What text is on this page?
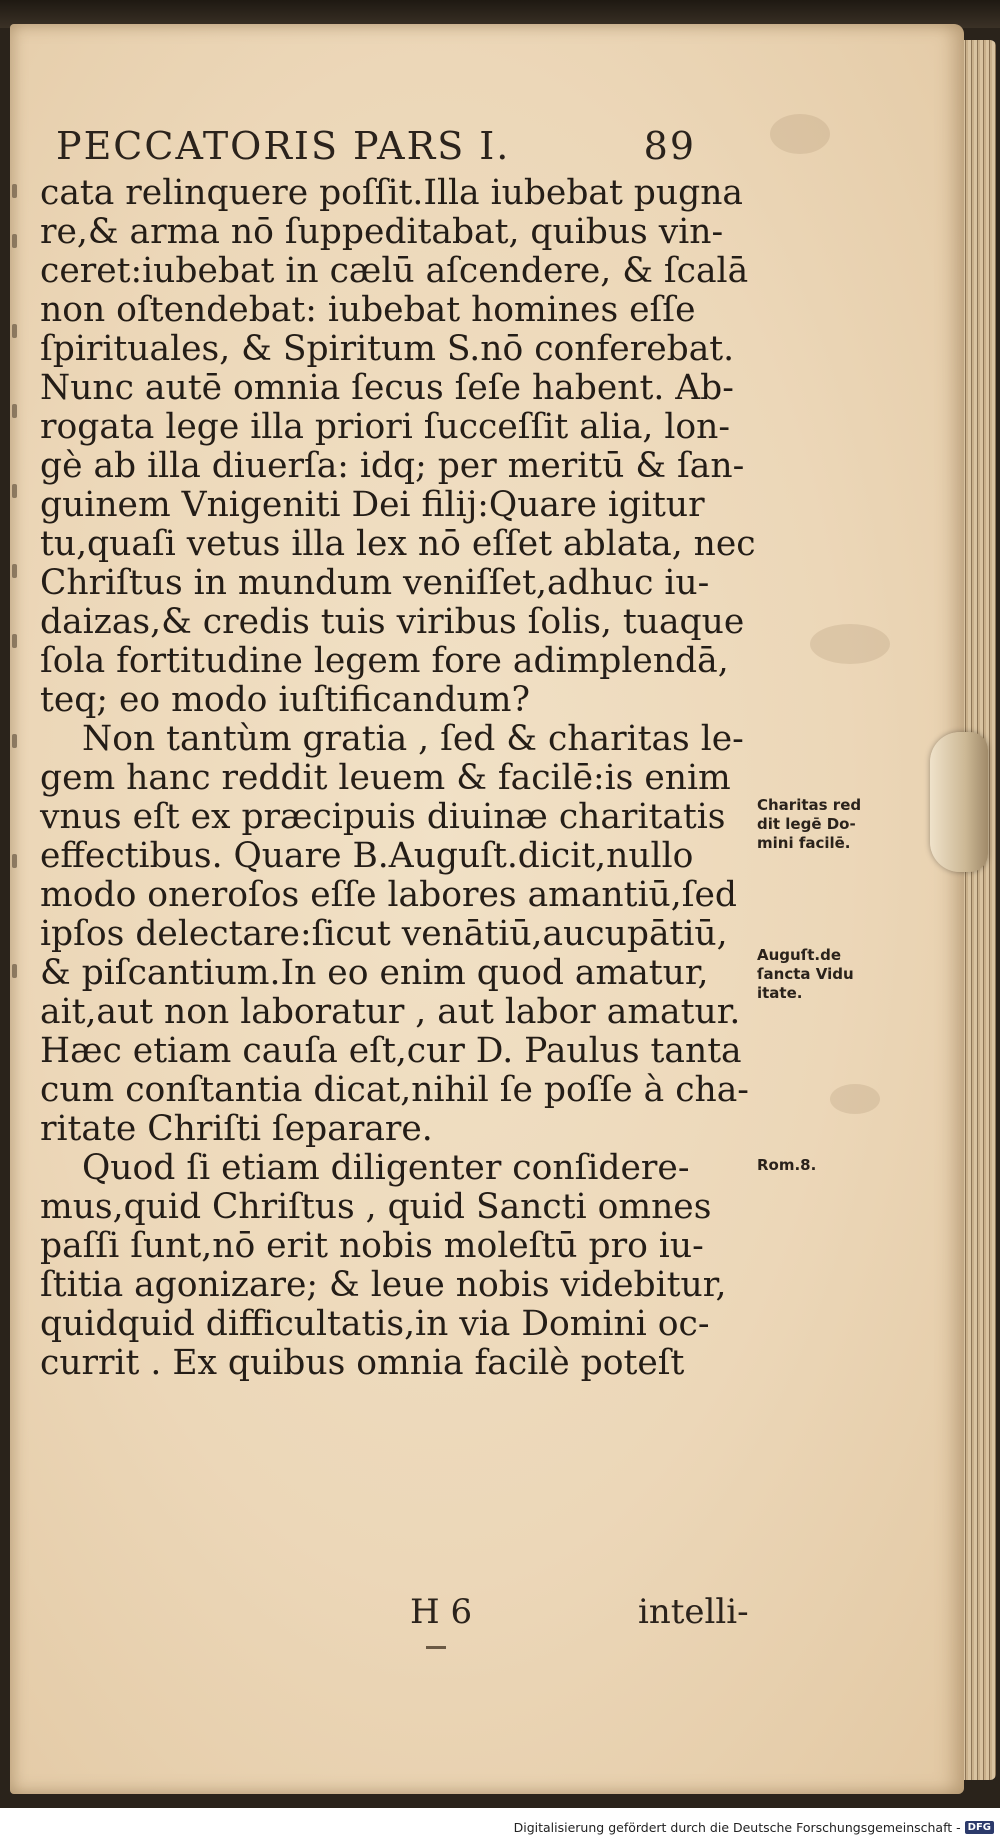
PECCATORIS PARS I.	89
cata relinquere poſſit.Illa iubebat pugna
re,& arma nō ſuppeditabat, quibus vin-
ceret:iubebat in cælū aſcendere, & ſcalā
non oſtendebat: iubebat homines eſſe
ſpirituales, & Spiritum S.nō conferebat.
Nunc autē omnia ſecus ſeſe habent. Ab-
rogata lege illa priori ſucceſſit alia, lon-
gè ab illa diuerſa: idq; per meritū & ſan-
guinem Vnigeniti Dei filij:Quare igitur
tu,quaſi vetus illa lex nō eſſet ablata, nec
Chriſtus in mundum veniſſet,adhuc iu-
daizas,& credis tuis viribus ſolis, tuaque
ſola fortitudine legem fore adimplendā,
teq; eo modo iuſtificandum?
Non tantùm gratia , ſed & charitas le-
gem hanc reddit leuem & facilē:is enim
vnus eſt ex præcipuis diuinæ charitatis
effectibus. Quare B.Auguſt.dicit,nullo
modo oneroſos eſſe labores amantiū,ſed
ipſos delectare:ſicut venātiū,aucupātiū,
& piſcantium.In eo enim quod amatur,
ait,aut non laboratur , aut labor amatur.
Hæc etiam cauſa eſt,cur D. Paulus tanta
cum conſtantia dicat,nihil ſe poſſe à cha-
ritate Chriſti ſeparare.
Quod ſi etiam diligenter conſidere-
mus,quid Chriſtus , quid Sancti omnes
paſſi ſunt,nō erit nobis moleſtū pro iu-
ſtitia agonizare; & leue nobis videbitur,
quidquid difficultatis,in via Domini oc-
currit . Ex quibus omnia facilè poteſt
Charitas red
dit legē Do-
mini facilē.
Auguſt.de
ſancta Vidu
itate.
Rom.8.
H 6	intelli-
Digitalisierung gefördert durch die Deutsche Forschungsgemeinschaft - DFG
